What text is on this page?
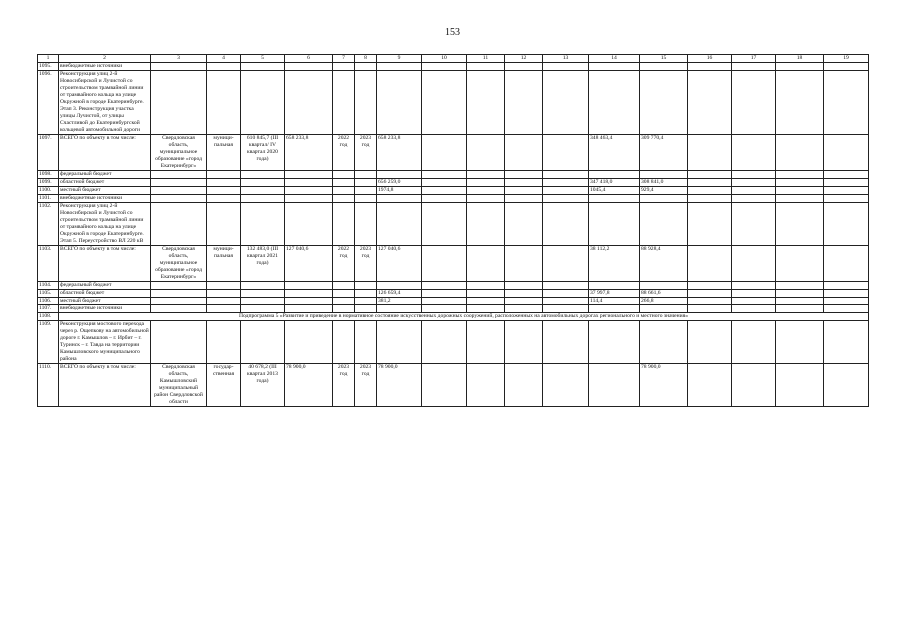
153
1	2	3	4	5	6	7	8	9	10	11	12	13	14	15	16	17	18	19
1095.	внебюджетные источники																	
1096.	Реконструкция улиц 2-й Новосибирской и Лучистой со строительством трамвайной линии от трамвайного кольца на улице Окружной в городе Екатеринбурге. Этап 3. Реконструкция участка улицы Лучистой, от улицы Счастливой до Екатеринбургской кольцевой автомобильной дороги																	
1097.	ВСЕГО по объекту в том числе:	Свердловская область, муниципальное образование «город Екатеринбург»	муници-пальная	610 845,7 (III квартал/ IV квартал 2020 года)	658 233,8	2022 год	2023 год	658 233,8					348 463,4	309 770,4				
1098.	федеральный бюджет																	
1099.	областной бюджет							656 259,0					347 418,0	308 841,0				
1100.	местный бюджет							1974,8					1045,4	929,4				
1101.	внебюджетные источники																	
1102.	Реконструкция улиц 2-й Новосибирской и Лучистой со строительством трамвайной линии от трамвайного кольца на улице Окружной в городе Екатеринбурге. Этап 5. Переустройство ВЛ 220 кВ																	
1103.	ВСЕГО по объекту в том числе:	Свердловская область, муниципальное образование «город Екатеринбург»	муници-пальная	132 483,0 (III квартал 2021 года)	127 040,6	2022 год	2023 год	127 040,6					38 112,2	88 928,4				
1104.	федеральный бюджет																	
1105.	областной бюджет							126 659,4					37 997,8	88 661,6				
1106.	местный бюджет							381,2					114,4	266,8				
1107.	внебюджетные источники																	
1108.	Подпрограмма 5 «Развитие и приведение в нормативное состояние искусственных дорожных сооружений, расположенных на автомобильных дорогах регионального и местного значения»																	
1109.	Реконструкция мостового перехода через р. Ощепкову на автомобильной дороге г. Камышлов – г. Ирбит – г. Туринск – г. Тавда на территории Камышловского муниципального района																	
1110.	ВСЕГО по объекту в том числе:	Свердловская область, Камышловский муниципальный район Свердловской области	государ-ственная	40 678,2 (III квартал 2013 года)	78 900,0	2023 год	2023 год	78 900,0						78 900,0				
